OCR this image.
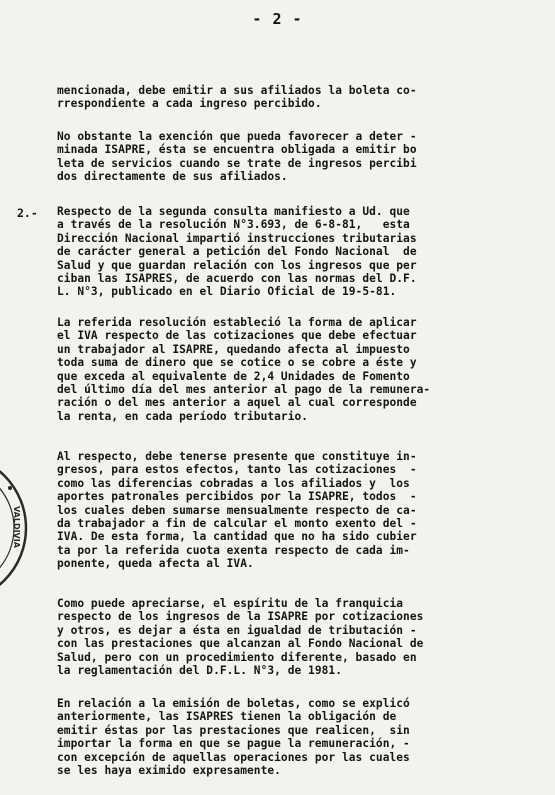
- 2 -
VALDIVIA
2.-
mencionada, debe emitir a sus afiliados la boleta co-
rrespondiente a cada ingreso percibido.
No obstante la exención que pueda favorecer a deter -
minada ISAPRE, ésta se encuentra obligada a emitir bo
leta de servicios cuando se trate de ingresos percibi
dos directamente de sus afiliados.
Respecto de la segunda consulta manifiesto a Ud. que
a través de la resolución N°3.693, de 6-8-81,   esta
Dirección Nacional impartió instrucciones tributarias
de carácter general a petición del Fondo Nacional  de
Salud y que guardan relación con los ingresos que per
ciban las ISAPRES, de acuerdo con las normas del D.F.
L. N°3, publicado en el Diario Oficial de 19-5-81.
La referida resolución estableció la forma de aplicar
el IVA respecto de las cotizaciones que debe efectuar
un trabajador al ISAPRE, quedando afecta al impuesto
toda suma de dinero que se cotice o se cobre a éste y
que exceda al equivalente de 2,4 Unidades de Fomento
del último día del mes anterior al pago de la remunera-
ración o del mes anterior a aquel al cual corresponde
la renta, en cada período tributario.
Al respecto, debe tenerse presente que constituye in-
gresos, para estos efectos, tanto las cotizaciones  -
como las diferencias cobradas a los afiliados y  los
aportes patronales percibidos por la ISAPRE, todos  -
los cuales deben sumarse mensualmente respecto de ca-
da trabajador a fin de calcular el monto exento del -
IVA. De esta forma, la cantidad que no ha sido cubier
ta por la referida cuota exenta respecto de cada im-
ponente, queda afecta al IVA.
Como puede apreciarse, el espíritu de la franquicia
respecto de los ingresos de la ISAPRE por cotizaciones
y otros, es dejar a ésta en igualdad de tributación -
con las prestaciones que alcanzan al Fondo Nacional de
Salud, pero con un procedimiento diferente, basado en
la reglamentación del D.F.L. N°3, de 1981.
En relación a la emisión de boletas, como se explicó
anteriormente, las ISAPRES tienen la obligación de
emitir éstas por las prestaciones que realicen,  sin
importar la forma en que se pague la remuneración, -
con excepción de aquellas operaciones por las cuales
se les haya eximido expresamente.
